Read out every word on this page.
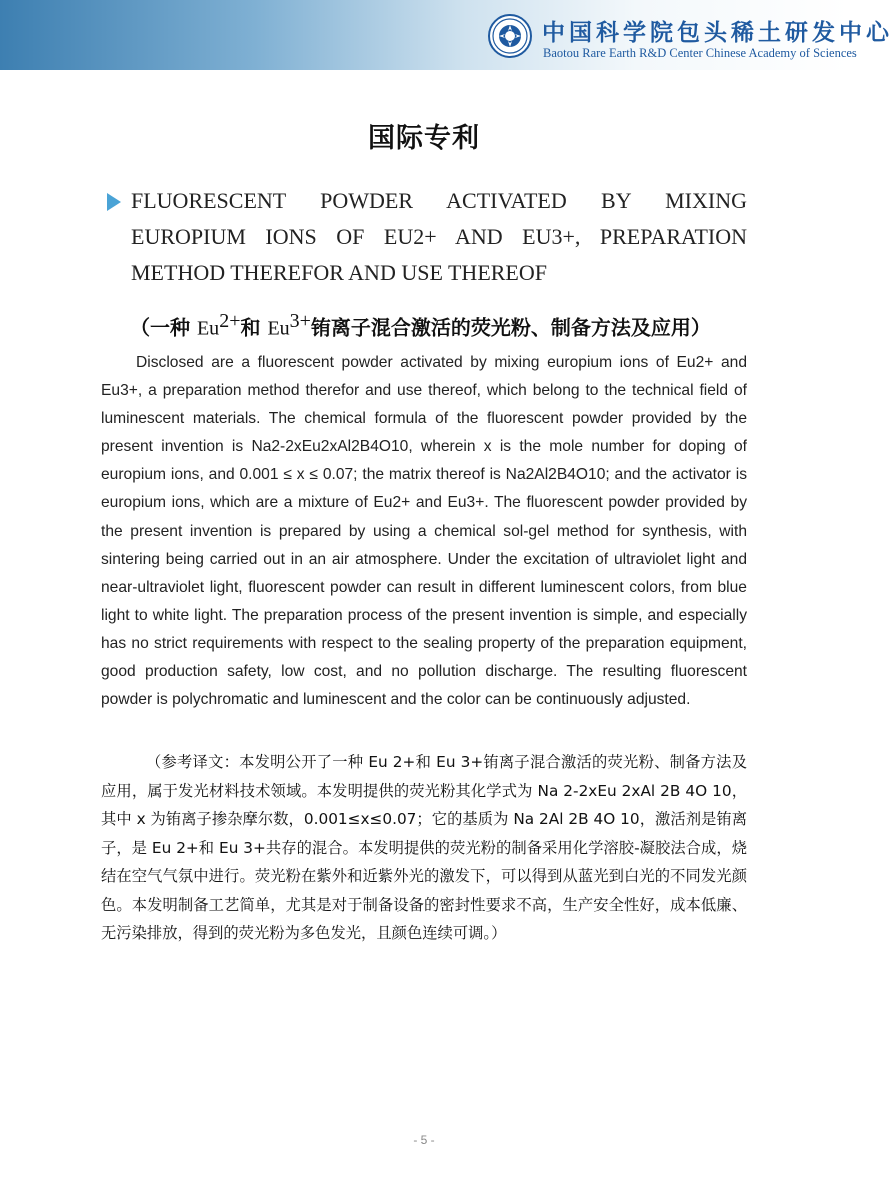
中国科学院包头稀土研发中心
Baotou Rare Earth R&D Center Chinese Academy of Sciences
国际专利
FLUORESCENT POWDER ACTIVATED BY MIXING
EUROPIUM IONS OF EU2+ AND EU3+, PREPARATION
METHOD THEREFOR AND USE THEREOF
（一种 $Eu^{2+}$和 $Eu^{3+}$铕离子混合激活的荧光粉、制备方法及应用）

Disclosed are a fluorescent powder activated by mixing europium ions of Eu2+ and Eu3+, a preparation method therefor and use thereof, which belong to the technical field of luminescent materials. The chemical formula of the fluorescent powder provided by the present invention is Na2-2xEu2xAl2B4O10, wherein x is the mole number for doping of europium ions, and 0.001 ≤ x ≤ 0.07; the matrix thereof is Na2Al2B4O10; and the activator is europium ions, which are a mixture of Eu2+ and Eu3+. The fluorescent powder provided by the present invention is prepared by using a chemical sol-gel method for synthesis, with sintering being carried out in an air atmosphere. Under the excitation of ultraviolet light and near-ultraviolet light, fluorescent powder can result in different luminescent colors, from blue light to white light. The preparation process of the present invention is simple, and especially has no strict requirements with respect to the sealing property of the preparation equipment, good production safety, low cost, and no pollution discharge. The resulting fluorescent powder is polychromatic and luminescent and the color can be continuously adjusted.

（参考译文：本发明公开了一种 Eu 2+和 Eu 3+铕离子混合激活的荧光粉、制备方法及应用，属于发光材料技术领域。本发明提供的荧光粉其化学式为 Na 2-2xEu 2xAl 2B 4O 10，其中 x 为铕离子掺杂摩尔数，0.001≤x≤0.07；它的基质为 Na 2Al 2B 4O 10，激活剂是铕离子，是 Eu 2+和 Eu 3+共存的混合。本发明提供的荧光粉的制备采用化学溶胶-凝胶法合成，烧结在空气气氛中进行。荧光粉在紫外和近紫外光的激发下，可以得到从蓝光到白光的不同发光颜色。本发明制备工艺简单，尤其是对于制备设备的密封性要求不高，生产安全性好，成本低廉、无污染排放，得到的荧光粉为多色发光，且颜色连续可调。）

- 5 -
